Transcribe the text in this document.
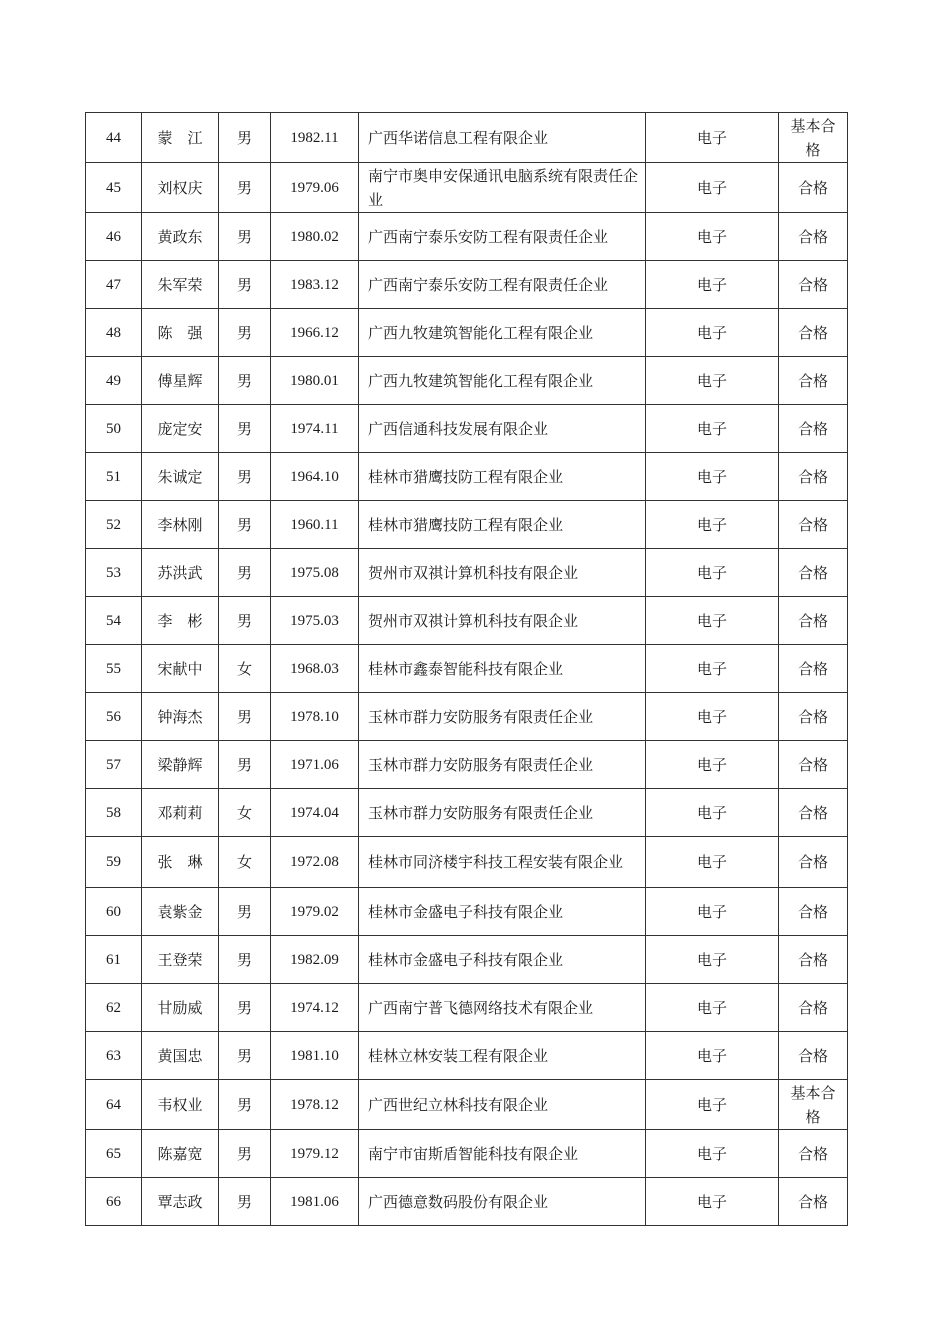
44	蒙　江	男	1982.11	广西华诺信息工程有限企业	电子	基本合格
45	刘权庆	男	1979.06	南宁市奥申安保通讯电脑系统有限责任企业	电子	合格
46	黄政东	男	1980.02	广西南宁泰乐安防工程有限责任企业	电子	合格
47	朱军荣	男	1983.12	广西南宁泰乐安防工程有限责任企业	电子	合格
48	陈　强	男	1966.12	广西九牧建筑智能化工程有限企业	电子	合格
49	傅星辉	男	1980.01	广西九牧建筑智能化工程有限企业	电子	合格
50	庞定安	男	1974.11	广西信通科技发展有限企业	电子	合格
51	朱诚定	男	1964.10	桂林市猎鹰技防工程有限企业	电子	合格
52	李林刚	男	1960.11	桂林市猎鹰技防工程有限企业	电子	合格
53	苏洪武	男	1975.08	贺州市双祺计算机科技有限企业	电子	合格
54	李　彬	男	1975.03	贺州市双祺计算机科技有限企业	电子	合格
55	宋献中	女	1968.03	桂林市鑫泰智能科技有限企业	电子	合格
56	钟海杰	男	1978.10	玉林市群力安防服务有限责任企业	电子	合格
57	梁静辉	男	1971.06	玉林市群力安防服务有限责任企业	电子	合格
58	邓莉莉	女	1974.04	玉林市群力安防服务有限责任企业	电子	合格
59	张　琳	女	1972.08	桂林市同济楼宇科技工程安装有限企业	电子	合格
60	袁紫金	男	1979.02	桂林市金盛电子科技有限企业	电子	合格
61	王登荣	男	1982.09	桂林市金盛电子科技有限企业	电子	合格
62	甘励威	男	1974.12	广西南宁普飞德网络技术有限企业	电子	合格
63	黄国忠	男	1981.10	桂林立林安装工程有限企业	电子	合格
64	韦权业	男	1978.12	广西世纪立林科技有限企业	电子	基本合格
65	陈嘉宽	男	1979.12	南宁市宙斯盾智能科技有限企业	电子	合格
66	覃志政	男	1981.06	广西德意数码股份有限企业	电子	合格
